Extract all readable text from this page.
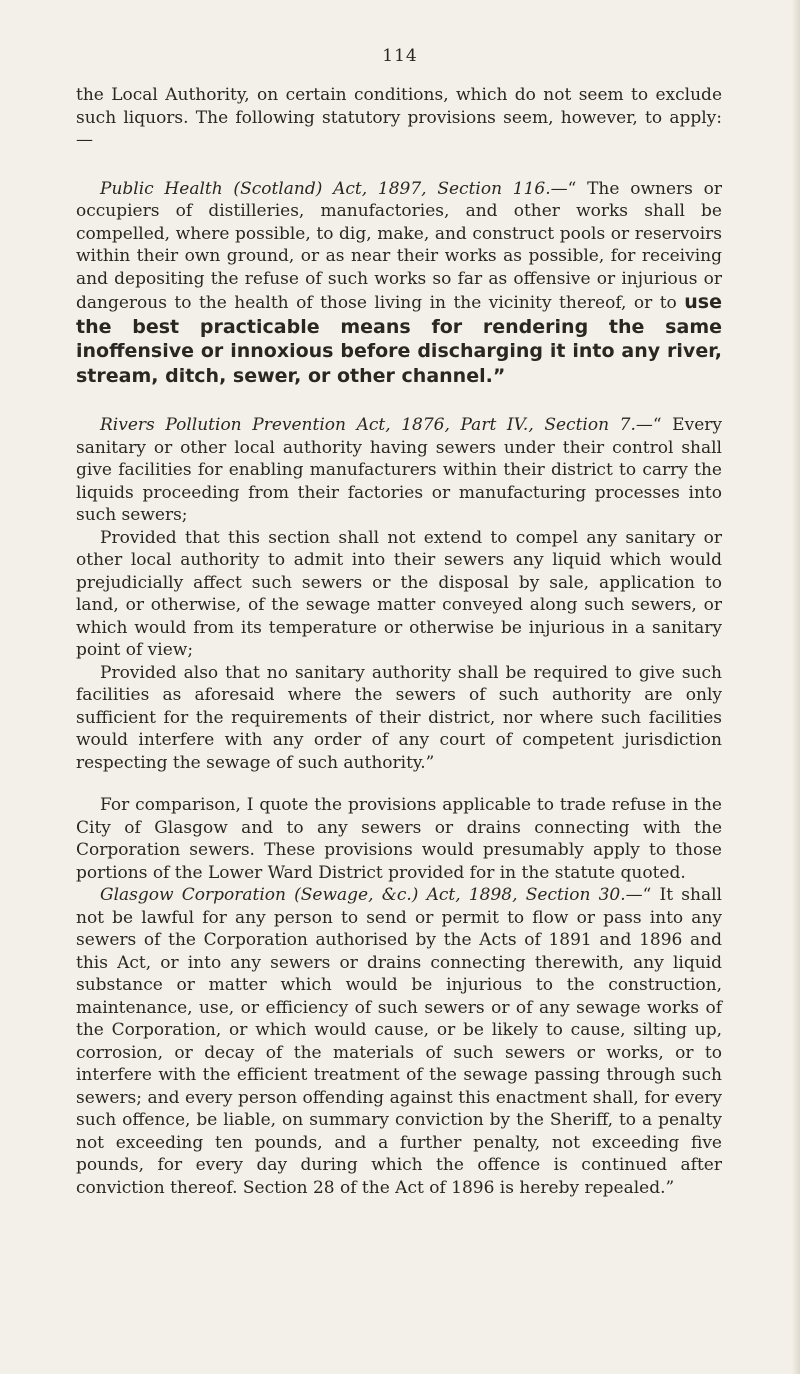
114

the Local Authority, on certain conditions, which do not seem to exclude such liquors. The following statutory provisions seem, however, to apply:—

Public Health (Scotland) Act, 1897, Section 116.—“ The owners or occupiers of distilleries, manufactories, and other works shall be compelled, where possible, to dig, make, and construct pools or reservoirs within their own ground, or as near their works as possible, for receiving and depositing the refuse of such works so far as offensive or injurious or dangerous to the health of those living in the vicinity thereof, or to use the best practicable means for rendering the same inoffensive or innoxious before discharging it into any river, stream, ditch, sewer, or other channel.”

Rivers Pollution Prevention Act, 1876, Part IV., Section 7.—“ Every sanitary or other local authority having sewers under their control shall give facilities for enabling manufacturers within their district to carry the liquids proceeding from their factories or manufacturing processes into such sewers;

Provided that this section shall not extend to compel any sanitary or other local authority to admit into their sewers any liquid which would prejudicially affect such sewers or the disposal by sale, application to land, or otherwise, of the sewage matter conveyed along such sewers, or which would from its temperature or otherwise be injurious in a sanitary point of view;

Provided also that no sanitary authority shall be required to give such facilities as aforesaid where the sewers of such authority are only sufficient for the requirements of their district, nor where such facilities would interfere with any order of any court of competent jurisdiction respecting the sewage of such authority.”

For comparison, I quote the provisions applicable to trade refuse in the City of Glasgow and to any sewers or drains connecting with the Corporation sewers. These provisions would presumably apply to those portions of the Lower Ward District provided for in the statute quoted.

Glasgow Corporation (Sewage, &c.) Act, 1898, Section 30.—“ It shall not be lawful for any person to send or permit to flow or pass into any sewers of the Corporation authorised by the Acts of 1891 and 1896 and this Act, or into any sewers or drains connecting therewith, any liquid substance or matter which would be injurious to the construction, maintenance, use, or efficiency of such sewers or of any sewage works of the Corporation, or which would cause, or be likely to cause, silting up, corrosion, or decay of the materials of such sewers or works, or to interfere with the efficient treatment of the sewage passing through such sewers; and every person offending against this enactment shall, for every such offence, be liable, on summary conviction by the Sheriff, to a penalty not exceeding ten pounds, and a further penalty, not exceeding five pounds, for every day during which the offence is continued after conviction thereof. Section 28 of the Act of 1896 is hereby repealed.”
